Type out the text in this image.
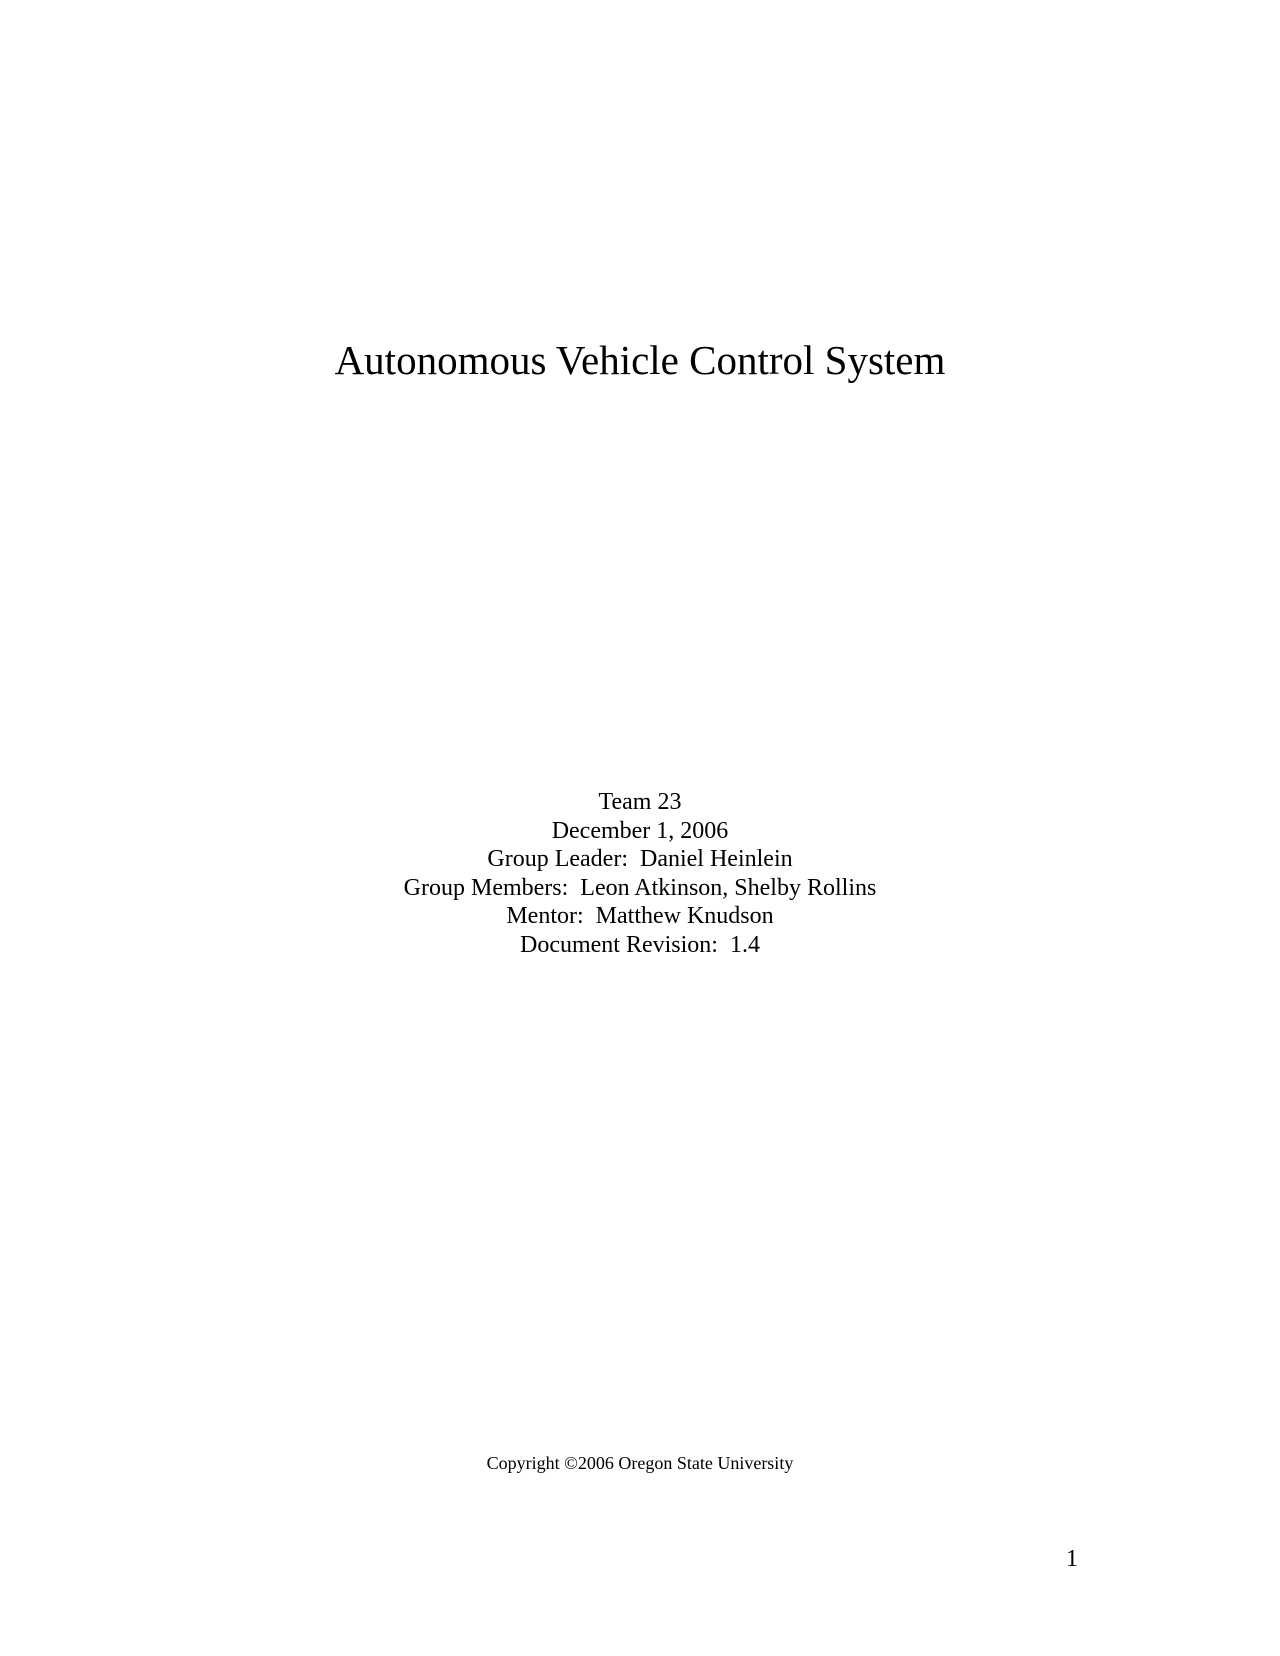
Autonomous Vehicle Control System
Team 23
December 1, 2006
Group Leader:  Daniel Heinlein
Group Members:  Leon Atkinson, Shelby Rollins
Mentor:  Matthew Knudson
Document Revision:  1.4
Copyright ©2006 Oregon State University
1
